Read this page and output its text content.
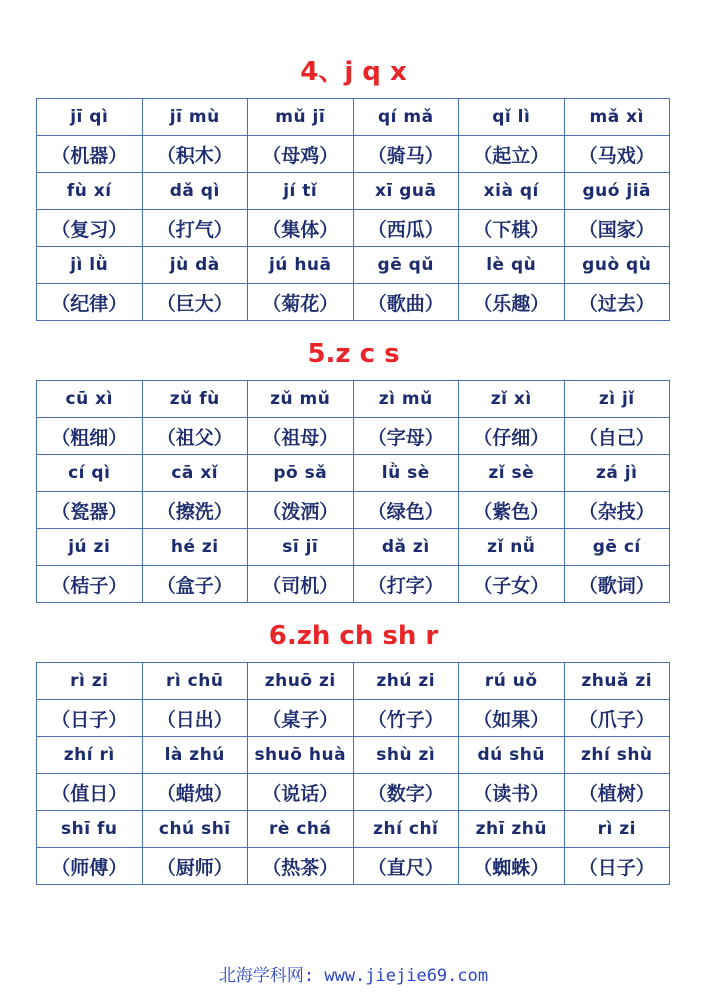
4、j q x
jī qì	jī mù	mǔ jī	qí mǎ	qǐ lì	mǎ xì
（机器）	（积木）	（母鸡）	（骑马）	（起立）	（马戏）
fù xí	dǎ qì	jí tǐ	xī guā	xià qí	guó jiā
（复习）	（打气）	（集体）	（西瓜）	（下棋）	（国家）
jì lǜ	jù dà	jú huā	gē qǔ	lè qù	guò qù
（纪律）	（巨大）	（菊花）	（歌曲）	（乐趣）	（过去）
5.z c s
cū xì	zǔ fù	zǔ mǔ	zì mǔ	zǐ xì	zì jǐ
（粗细）	（祖父）	（祖母）	（字母）	（仔细）	（自己）
cí qì	cā xǐ	pō sǎ	lǜ sè	zǐ sè	zá jì
（瓷器）	（擦洗）	（泼洒）	（绿色）	（紫色）	（杂技）
jú zi	hé zi	sī jī	dǎ zì	zǐ nǚ	gē cí
（桔子）	（盒子）	（司机）	（打字）	（子女）	（歌词）
6.zh ch sh r
rì zi	rì chū	zhuō zi	zhú zi	rú uǒ	zhuǎ zi
（日子）	（日出）	（桌子）	（竹子）	（如果）	（爪子）
zhí rì	là zhú	shuō huà	shù zì	dú shū	zhí shù
（值日）	（蜡烛）	（说话）	（数字）	（读书）	（植树）
shī fu	chú shī	rè chá	zhí chǐ	zhī zhū	rì zi
（师傅）	（厨师）	（热茶）	（直尺）	（蜘蛛）	（日子）
北海学科网: www.jiejie69.com
